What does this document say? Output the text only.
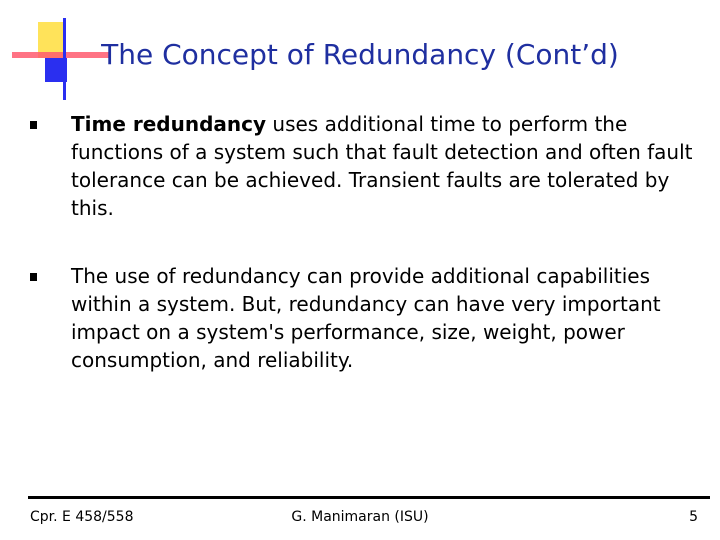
The Concept of Redundancy (Cont’d)
Time redundancy uses additional time to perform the functions of a system such that fault detection and often fault tolerance can be achieved. Transient faults are tolerated by this.
The use of redundancy can provide additional capabilities within a system. But, redundancy can have very important impact on a system's performance, size, weight, power consumption, and reliability.
Cpr. E 458/558	G. Manimaran (ISU)	5
